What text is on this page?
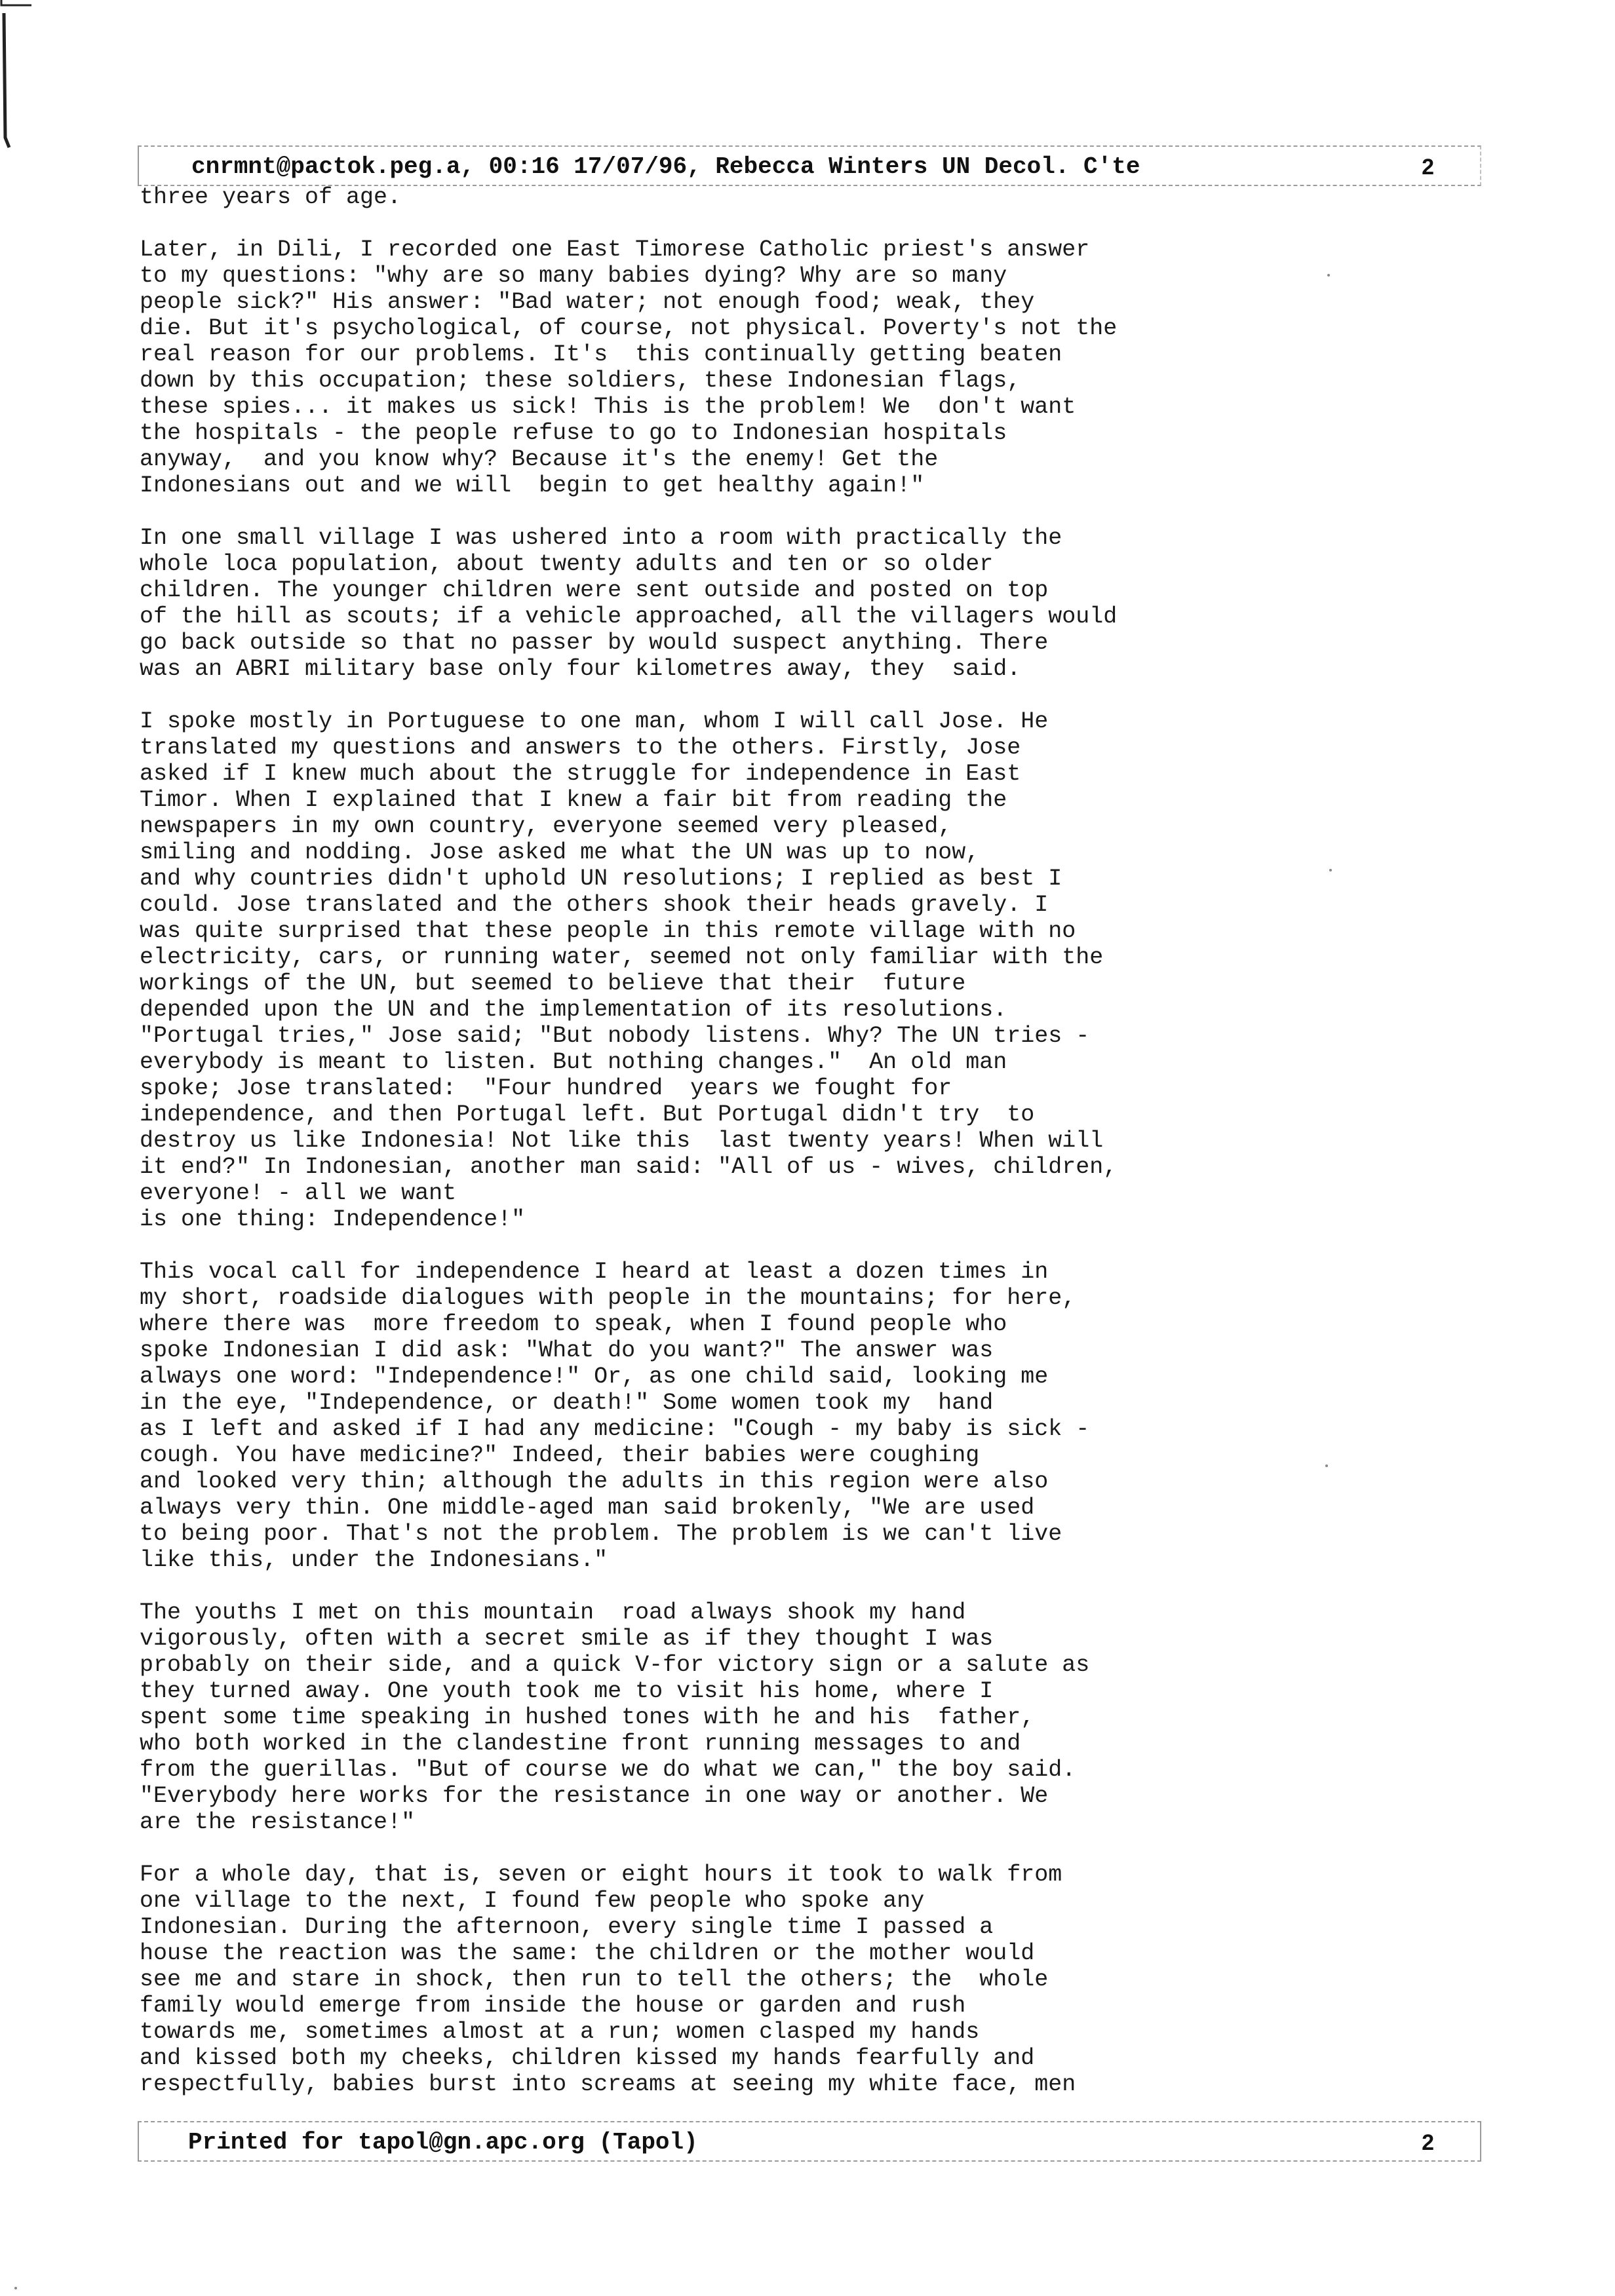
cnrmnt@pactok.peg.a, 00:16 17/07/96, Rebecca Winters UN Decol. C'te	2
three years of age.
Later, in Dili, I recorded one East Timorese Catholic priest's answer
to my questions: "why are so many babies dying? Why are so many
people sick?" His answer: "Bad water; not enough food; weak, they
die. But it's psychological, of course, not physical. Poverty's not the
real reason for our problems. It's  this continually getting beaten
down by this occupation; these soldiers, these Indonesian flags,
these spies... it makes us sick! This is the problem! We  don't want
the hospitals - the people refuse to go to Indonesian hospitals
anyway,  and you know why? Because it's the enemy! Get the
Indonesians out and we will  begin to get healthy again!"
In one small village I was ushered into a room with practically the
whole loca population, about twenty adults and ten or so older
children. The younger children were sent outside and posted on top
of the hill as scouts; if a vehicle approached, all the villagers would
go back outside so that no passer by would suspect anything. There
was an ABRI military base only four kilometres away, they  said.
I spoke mostly in Portuguese to one man, whom I will call Jose. He
translated my questions and answers to the others. Firstly, Jose
asked if I knew much about the struggle for independence in East
Timor. When I explained that I knew a fair bit from reading the
newspapers in my own country, everyone seemed very pleased,
smiling and nodding. Jose asked me what the UN was up to now,
and why countries didn't uphold UN resolutions; I replied as best I
could. Jose translated and the others shook their heads gravely. I
was quite surprised that these people in this remote village with no
electricity, cars, or running water, seemed not only familiar with the
workings of the UN, but seemed to believe that their  future
depended upon the UN and the implementation of its resolutions.
"Portugal tries," Jose said; "But nobody listens. Why? The UN tries -
everybody is meant to listen. But nothing changes."  An old man
spoke; Jose translated:  "Four hundred  years we fought for
independence, and then Portugal left. But Portugal didn't try  to
destroy us like Indonesia! Not like this  last twenty years! When will
it end?" In Indonesian, another man said: "All of us - wives, children,
everyone! - all we want
is one thing: Independence!"
This vocal call for independence I heard at least a dozen times in
my short, roadside dialogues with people in the mountains; for here,
where there was  more freedom to speak, when I found people who
spoke Indonesian I did ask: "What do you want?" The answer was
always one word: "Independence!" Or, as one child said, looking me
in the eye, "Independence, or death!" Some women took my  hand
as I left and asked if I had any medicine: "Cough - my baby is sick -
cough. You have medicine?" Indeed, their babies were coughing
and looked very thin; although the adults in this region were also
always very thin. One middle-aged man said brokenly, "We are used
to being poor. That's not the problem. The problem is we can't live
like this, under the Indonesians."
The youths I met on this mountain  road always shook my hand
vigorously, often with a secret smile as if they thought I was
probably on their side, and a quick V-for victory sign or a salute as
they turned away. One youth took me to visit his home, where I
spent some time speaking in hushed tones with he and his  father,
who both worked in the clandestine front running messages to and
from the guerillas. "But of course we do what we can," the boy said.
"Everybody here works for the resistance in one way or another. We
are the resistance!"
For a whole day, that is, seven or eight hours it took to walk from
one village to the next, I found few people who spoke any
Indonesian. During the afternoon, every single time I passed a
house the reaction was the same: the children or the mother would
see me and stare in shock, then run to tell the others; the  whole
family would emerge from inside the house or garden and rush
towards me, sometimes almost at a run; women clasped my hands
and kissed both my cheeks, children kissed my hands fearfully and
respectfully, babies burst into screams at seeing my white face, men
Printed for tapol@gn.apc.org (Tapol)	2
